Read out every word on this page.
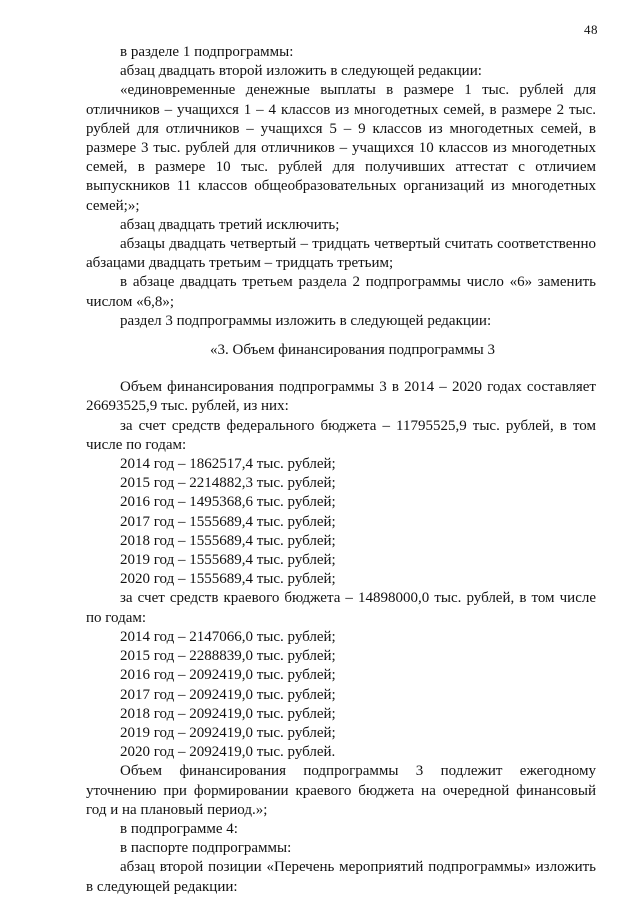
48

в разделе 1 подпрограммы:

абзац двадцать второй изложить в следующей редакции:

«единовременные денежные выплаты в размере 1 тыс. рублей для отличников – учащихся 1 – 4 классов из многодетных семей, в размере 2 тыс. рублей для отличников – учащихся 5 – 9 классов из многодетных семей, в размере 3 тыс. рублей для отличников – учащихся 10 классов из многодетных семей, в размере 10 тыс. рублей для получивших аттестат с отличием выпускников 11 классов общеобразовательных организаций из многодетных семей;»;

абзац двадцать третий исключить;

абзацы двадцать четвертый – тридцать четвертый считать соответственно абзацами двадцать третьим – тридцать третьим;

в абзаце двадцать третьем раздела 2 подпрограммы число «6» заменить числом «6,8»;

раздел 3 подпрограммы изложить в следующей редакции:

«3. Объем финансирования подпрограммы 3

Объем финансирования подпрограммы 3 в 2014 – 2020 годах составляет 26693525,9 тыс. рублей, из них:

за счет средств федерального бюджета – 11795525,9 тыс. рублей, в том числе по годам:

2014 год – 1862517,4 тыс. рублей;

2015 год – 2214882,3 тыс. рублей;

2016 год – 1495368,6 тыс. рублей;

2017 год – 1555689,4 тыс. рублей;

2018 год – 1555689,4 тыс. рублей;

2019 год – 1555689,4 тыс. рублей;

2020 год – 1555689,4 тыс. рублей;

за счет средств краевого бюджета – 14898000,0 тыс. рублей, в том числе по годам:

2014 год – 2147066,0 тыс. рублей;

2015 год – 2288839,0 тыс. рублей;

2016 год – 2092419,0 тыс. рублей;

2017 год – 2092419,0 тыс. рублей;

2018 год – 2092419,0 тыс. рублей;

2019 год – 2092419,0 тыс. рублей;

2020 год – 2092419,0 тыс. рублей.

Объем финансирования подпрограммы 3 подлежит ежегодному уточнению при формировании краевого бюджета на очередной финансовый год и на плановый период.»;

в подпрограмме 4:

в паспорте подпрограммы:

абзац второй позиции «Перечень мероприятий подпрограммы» изложить в следующей редакции:
